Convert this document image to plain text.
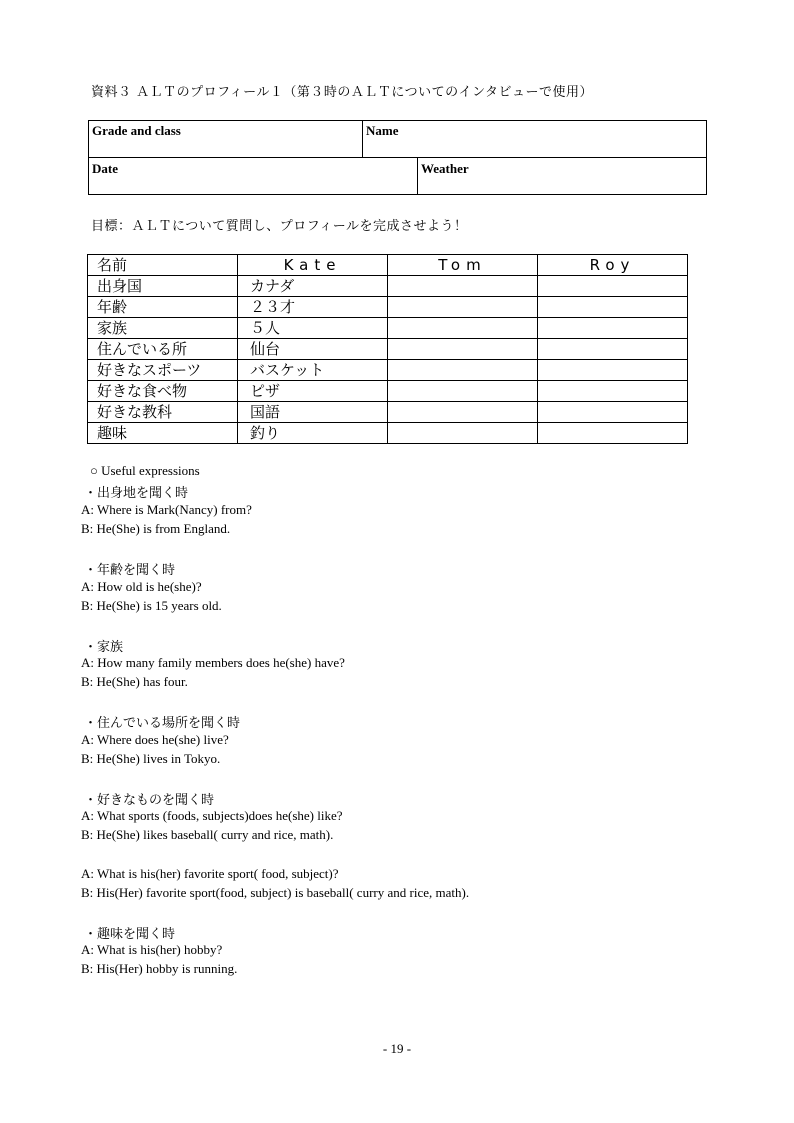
資料３ ＡＬＴのプロフィール１（第３時のＡＬＴについてのインタビューで使用）
Grade and class	Name
Date	Weather
目標：ＡＬＴについて質問し、プロフィールを完成させよう！
名前	Kate	Tom	Roy
出身国	カナダ		
年齢	２３才		
家族	５人		
住んでいる所	仙台		
好きなスポーツ	バスケット		
好きな食べ物	ピザ		
好きな教科	国語		
趣味	釣り		
○ Useful expressions
・出身地を聞く時
A: Where is Mark(Nancy) from?
B: He(She) is from England.
・年齢を聞く時
A: How old is he(she)?
B: He(She) is 15 years old.
・家族
A: How many family members does he(she) have?
B: He(She) has four.
・住んでいる場所を聞く時
A: Where does he(she) live?
B: He(She) lives in Tokyo.
・好きなものを聞く時
A: What sports (foods, subjects)does he(she) like?
B: He(She) likes baseball( curry and rice, math).
A: What is his(her) favorite sport( food, subject)?
B: His(Her) favorite sport(food, subject) is baseball( curry and rice, math).
・趣味を聞く時
A: What is his(her) hobby?
B: His(Her) hobby is running.
- 19 -
